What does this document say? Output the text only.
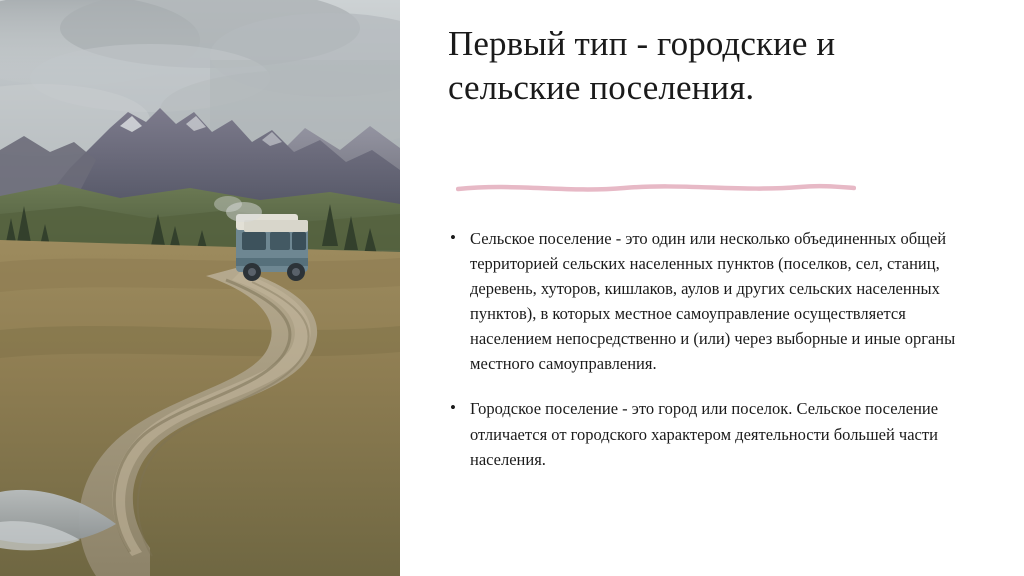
Первый тип - городские и сельские поселения.
• Сельское поселение - это один или несколько объединенных общей территорией сельских населенных пунктов (поселков, сел, станиц, деревень, хуторов, кишлаков, аулов и других сельских населенных пунктов), в которых местное самоуправление осуществляется населением непосредственно и (или) через выборные и иные органы местного самоуправления.
• Городское поселение - это город или поселок. Сельское поселение отличается от городского характером деятельности большей части населения.
